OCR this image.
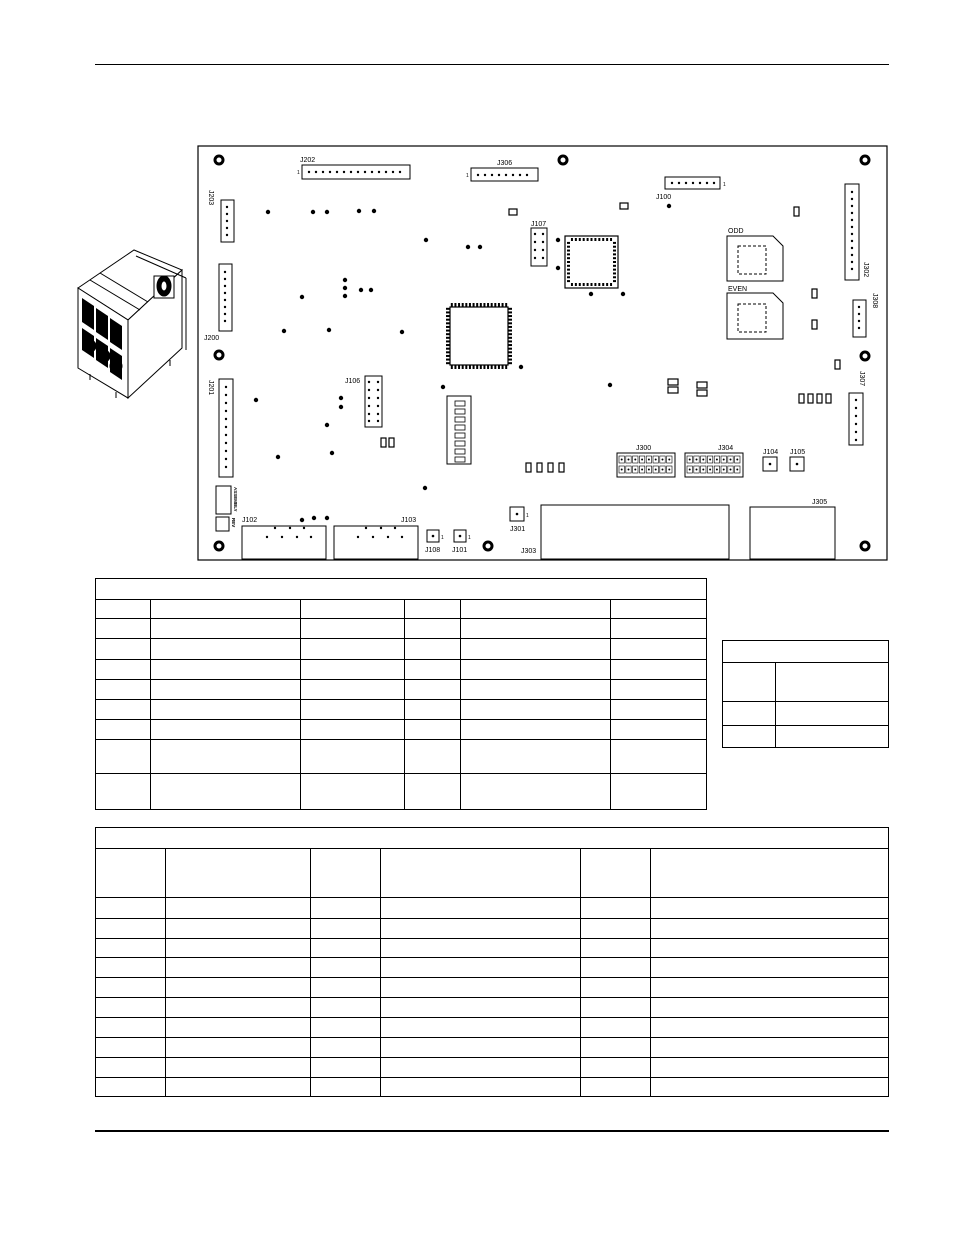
J202
1
J306
1
J100
1
J203
J200
J201
ASSEMBLY
REV J102	J103
J108
1
J101
1
J301
1
J303
J305
J107
J106
ODD
EVEN
J302
J308
J307
J300	J304
J104 J105
